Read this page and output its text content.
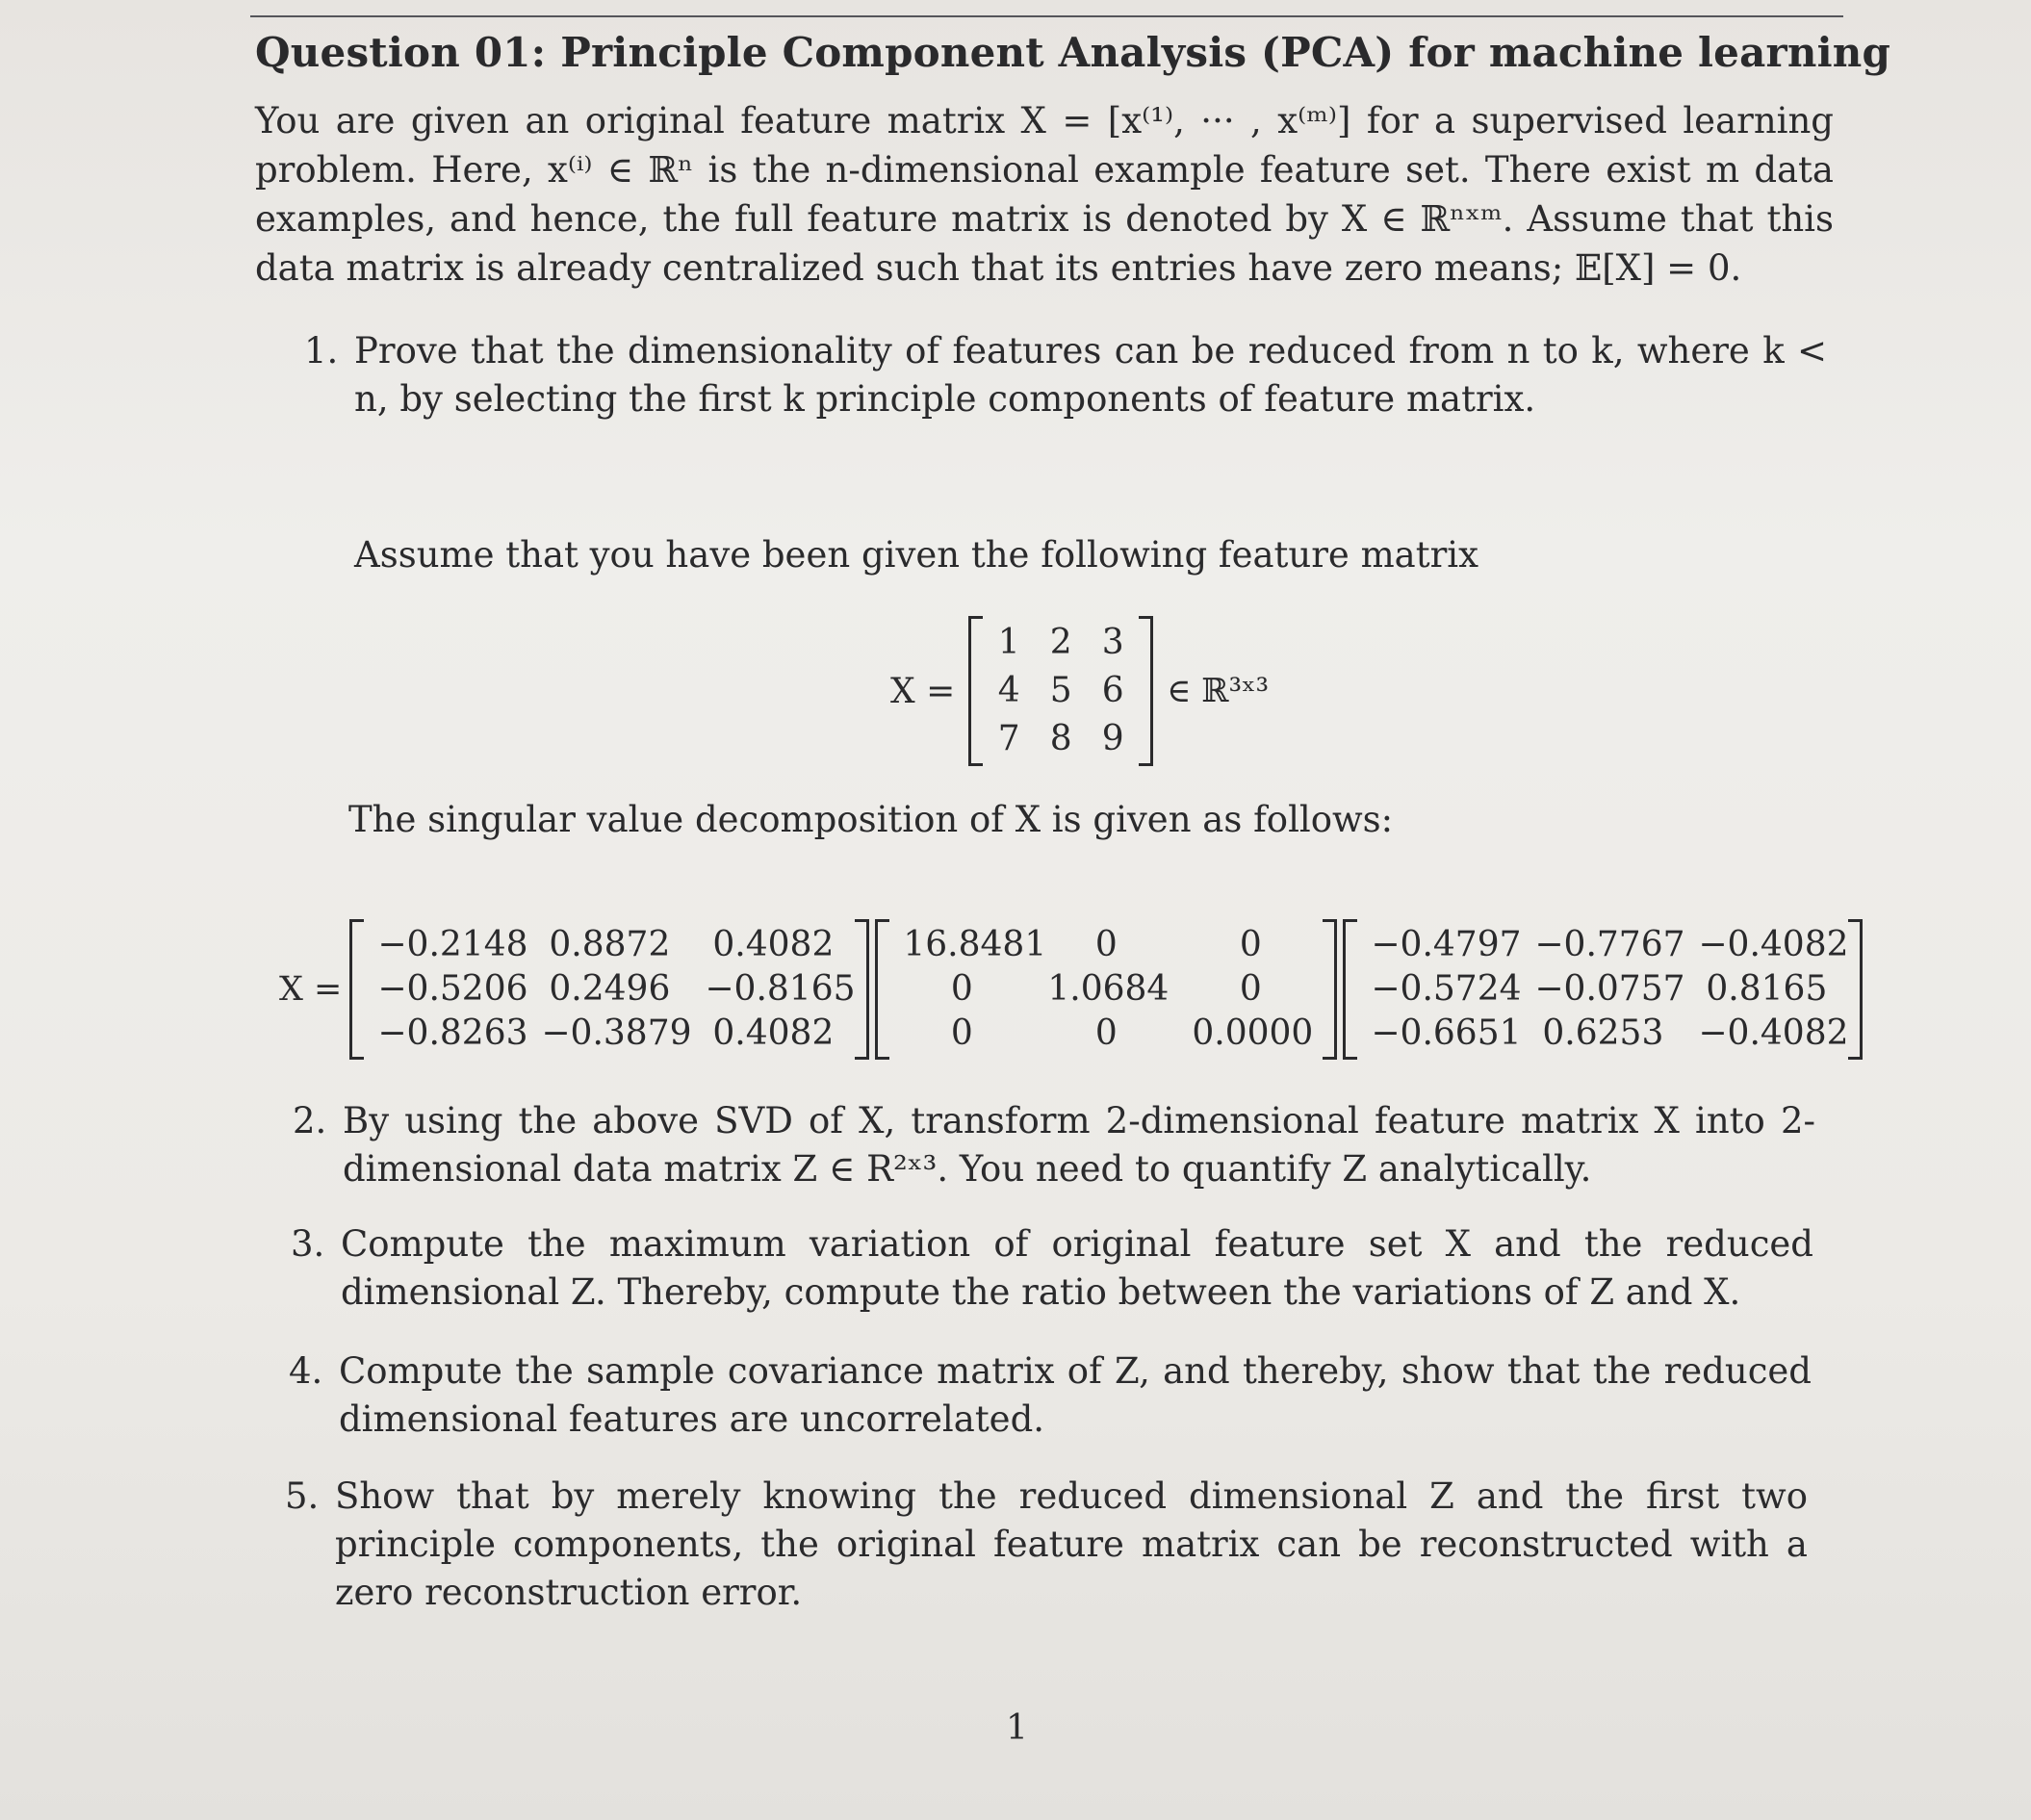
Question 01: Principle Component Analysis (PCA) for machine learning
You are given an original feature matrix X = [x⁽¹⁾, ··· , x⁽ᵐ⁾] for a supervised learning problem. Here, x⁽ⁱ⁾ ∈ ℝⁿ is the n-dimensional example feature set. There exist m data examples, and hence, the full feature matrix is denoted by X ∈ ℝⁿˣᵐ. Assume that this data matrix is already centralized such that its entries have zero means; 𝔼[X] = 0.
1. Prove that the dimensionality of features can be reduced from n to k, where k < n, by selecting the first k principle components of feature matrix.
Assume that you have been given the following feature matrix
X =
1 2 3
4 5 6
7 8 9
∈ ℝ³ˣ³
The singular value decomposition of X is given as follows:
X =
−0.2148 0.8872	0.4082
−0.5206 0.2496	−0.8165
−0.8263 −0.3879 0.4082
16.8481	0	0
0	1.0684	0
0	0	0.0000
−0.4797 −0.7767 −0.4082
−0.5724 −0.0757 0.8165
−0.6651 0.6253	−0.4082
2. By using the above SVD of X, transform 2-dimensional feature matrix X into 2-dimensional data matrix Z ∈ R²ˣ³. You need to quantify Z analytically.
3. Compute the maximum variation of original feature set X and the reduced dimensional Z. Thereby, compute the ratio between the variations of Z and X.
4. Compute the sample covariance matrix of Z, and thereby, show that the reduced dimensional features are uncorrelated.
5. Show that by merely knowing the reduced dimensional Z and the first two principle components, the original feature matrix can be reconstructed with a zero reconstruction error.
1
